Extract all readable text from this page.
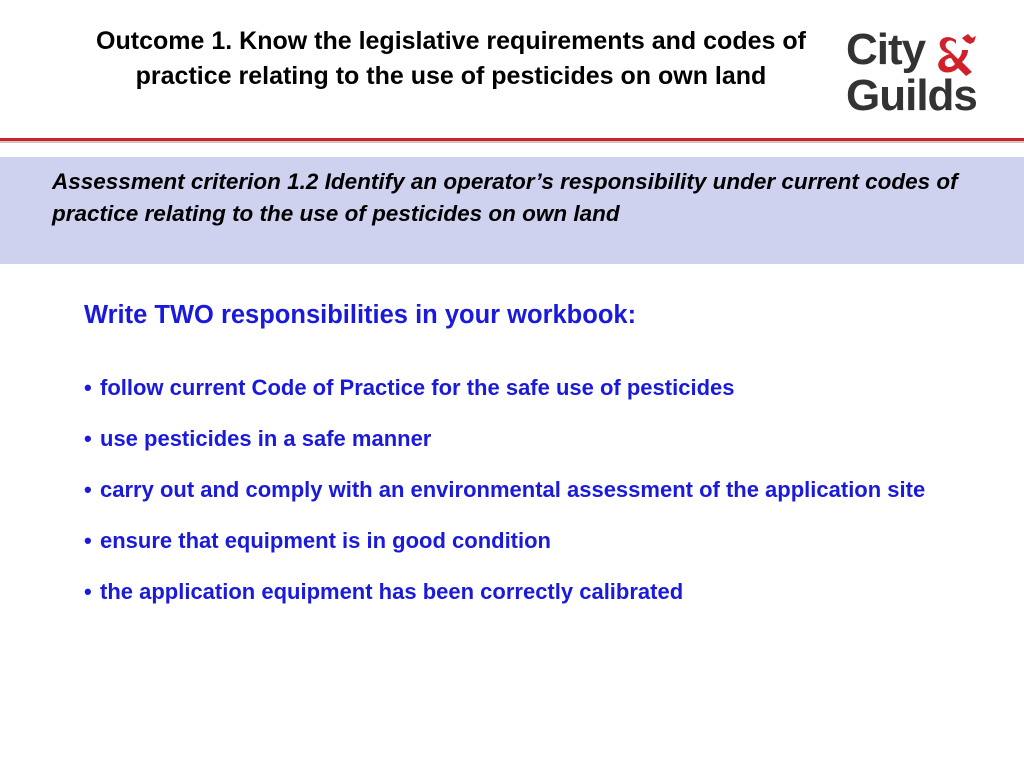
Outcome 1. Know the legislative requirements and codes of practice relating to the use of pesticides on own land
City
Guilds
Assessment criterion 1.2 Identify an operator’s responsibility under current codes of practice relating to the use of pesticides on own land
Write TWO responsibilities in your workbook:
• follow current Code of Practice for the safe use of pesticides
• use pesticides in a safe manner
• carry out and comply with an environmental assessment of the application site
• ensure that equipment is in good condition
• the application equipment has been correctly calibrated
